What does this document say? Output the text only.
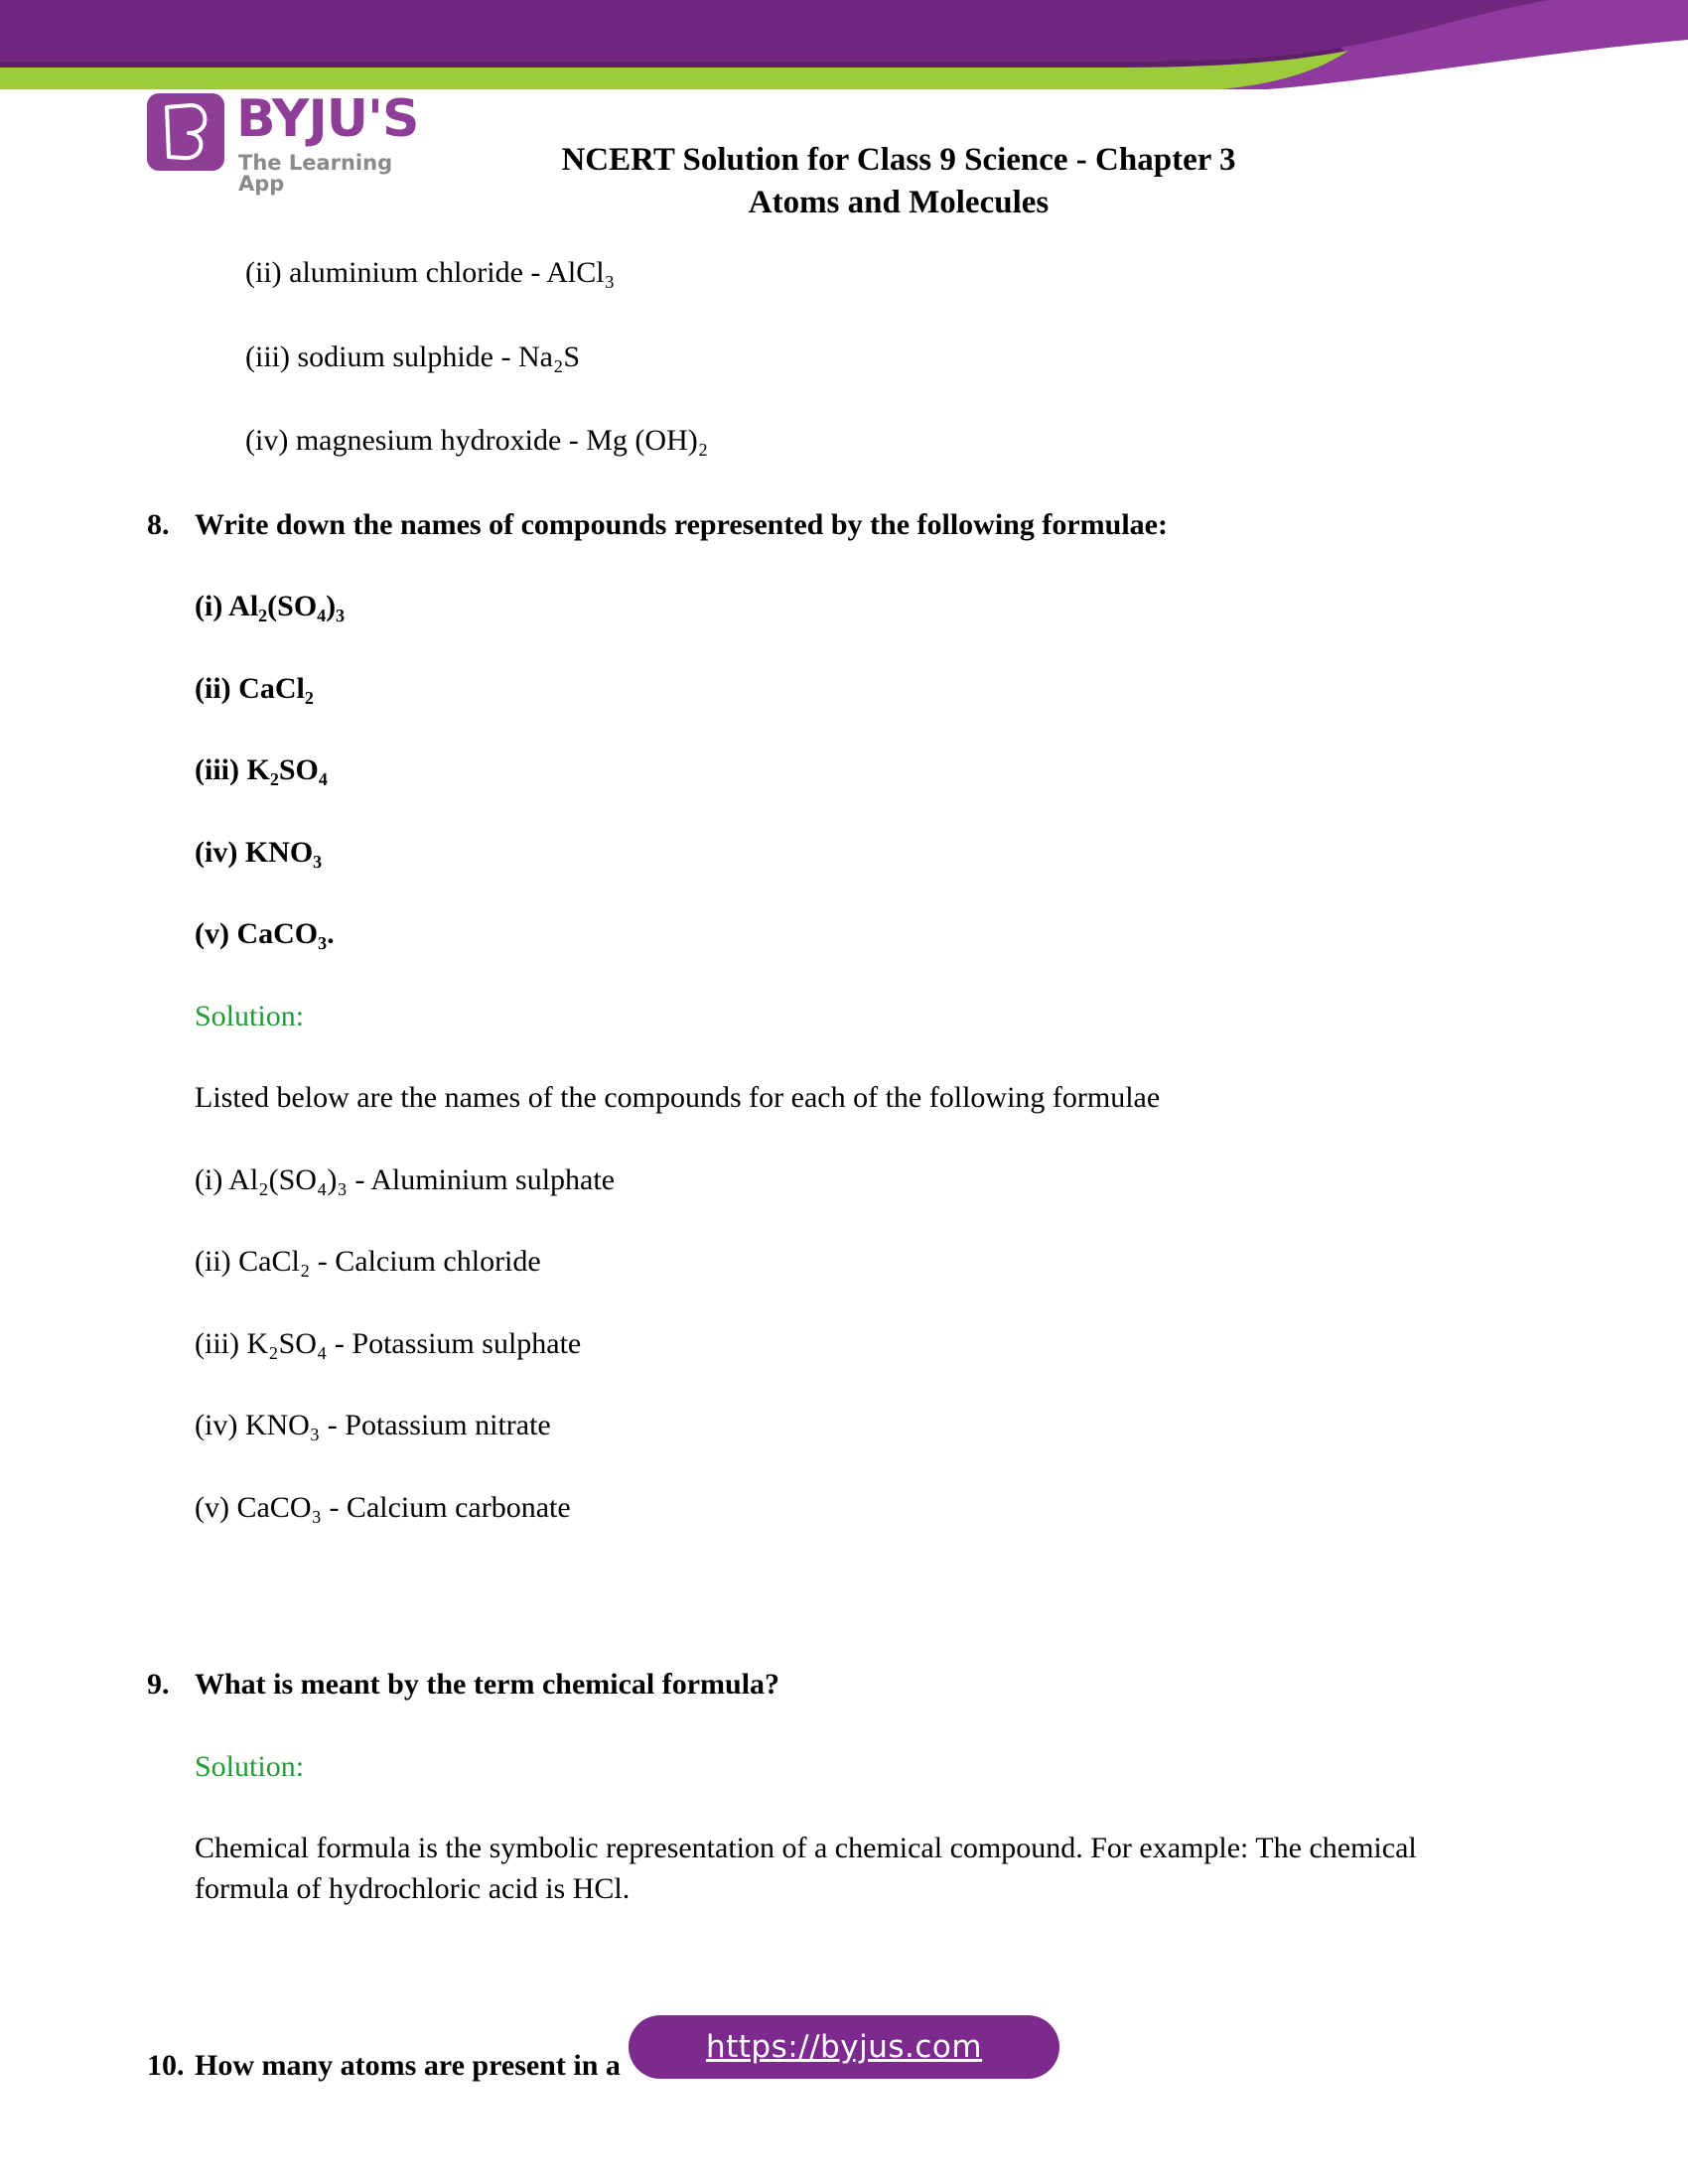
BYJU'S
The Learning App
NCERT Solution for Class 9 Science - Chapter 3
Atoms and Molecules
(ii) aluminium chloride - AlCl₃
(iii) sodium sulphide - Na₂S
(iv) magnesium hydroxide - Mg (OH)₂
8. Write down the names of compounds represented by the following formulae:
(i) Al₂(SO₄)₃
(ii) CaCl₂
(iii) K₂SO₄
(iv) KNO₃
(v) CaCO₃.
Solution:
Listed below are the names of the compounds for each of the following formulae
(i) Al₂(SO₄)₃ - Aluminium sulphate
(ii) CaCl₂ - Calcium chloride
(iii) K₂SO₄ - Potassium sulphate
(iv) KNO₃ - Potassium nitrate
(v) CaCO₃ - Calcium carbonate
9. What is meant by the term chemical formula?
Solution:
Chemical formula is the symbolic representation of a chemical compound. For example: The chemical formula of hydrochloric acid is HCl.
10. How many atoms are present in a
https://byjus.com
